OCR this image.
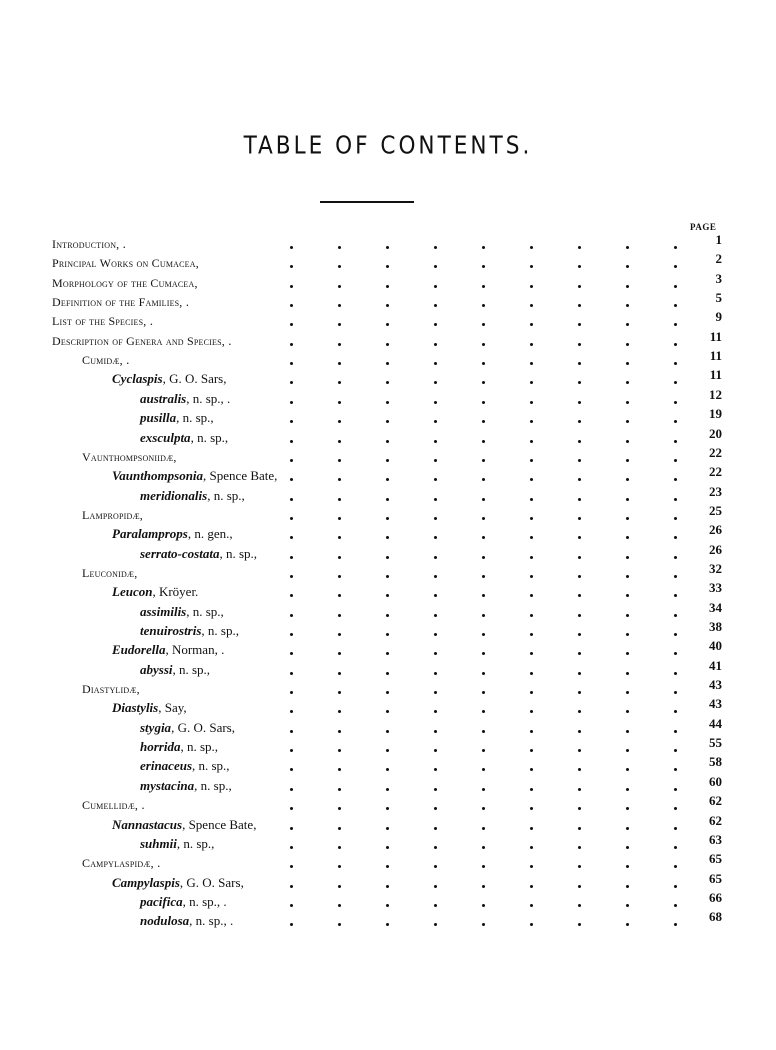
TABLE OF CONTENTS.
PAGE
Introduction, .	1
Principal Works on Cumacea,	2
Morphology of the Cumacea,	3
Definition of the Families, .	5
List of the Species, .	9
Description of Genera and Species, .	11
Cumidæ, .	11
Cyclaspis, G. O. Sars,	11
australis, n. sp., .	12
pusilla, n. sp.,	19
exsculpta, n. sp.,	20
Vaunthompsoniidæ,	22
Vaunthompsonia, Spence Bate,	22
meridionalis, n. sp.,	23
Lampropidæ,	25
Paralamprops, n. gen.,	26
serrato-costata, n. sp.,	26
Leuconidæ,	32
Leucon, Kröyer.	33
assimilis, n. sp.,	34
tenuirostris, n. sp.,	38
Eudorella, Norman, .	40
abyssi, n. sp.,	41
Diastylidæ,	43
Diastylis, Say,	43
stygia, G. O. Sars,	44
horrida, n. sp.,	55
erinaceus, n. sp.,	58
mystacina, n. sp.,	60
Cumellidæ, .	62
Nannastacus, Spence Bate,	62
suhmii, n. sp.,	63
Campylaspidæ, .	65
Campylaspis, G. O. Sars,	65
pacifica, n. sp., .	66
nodulosa, n. sp., .	68
